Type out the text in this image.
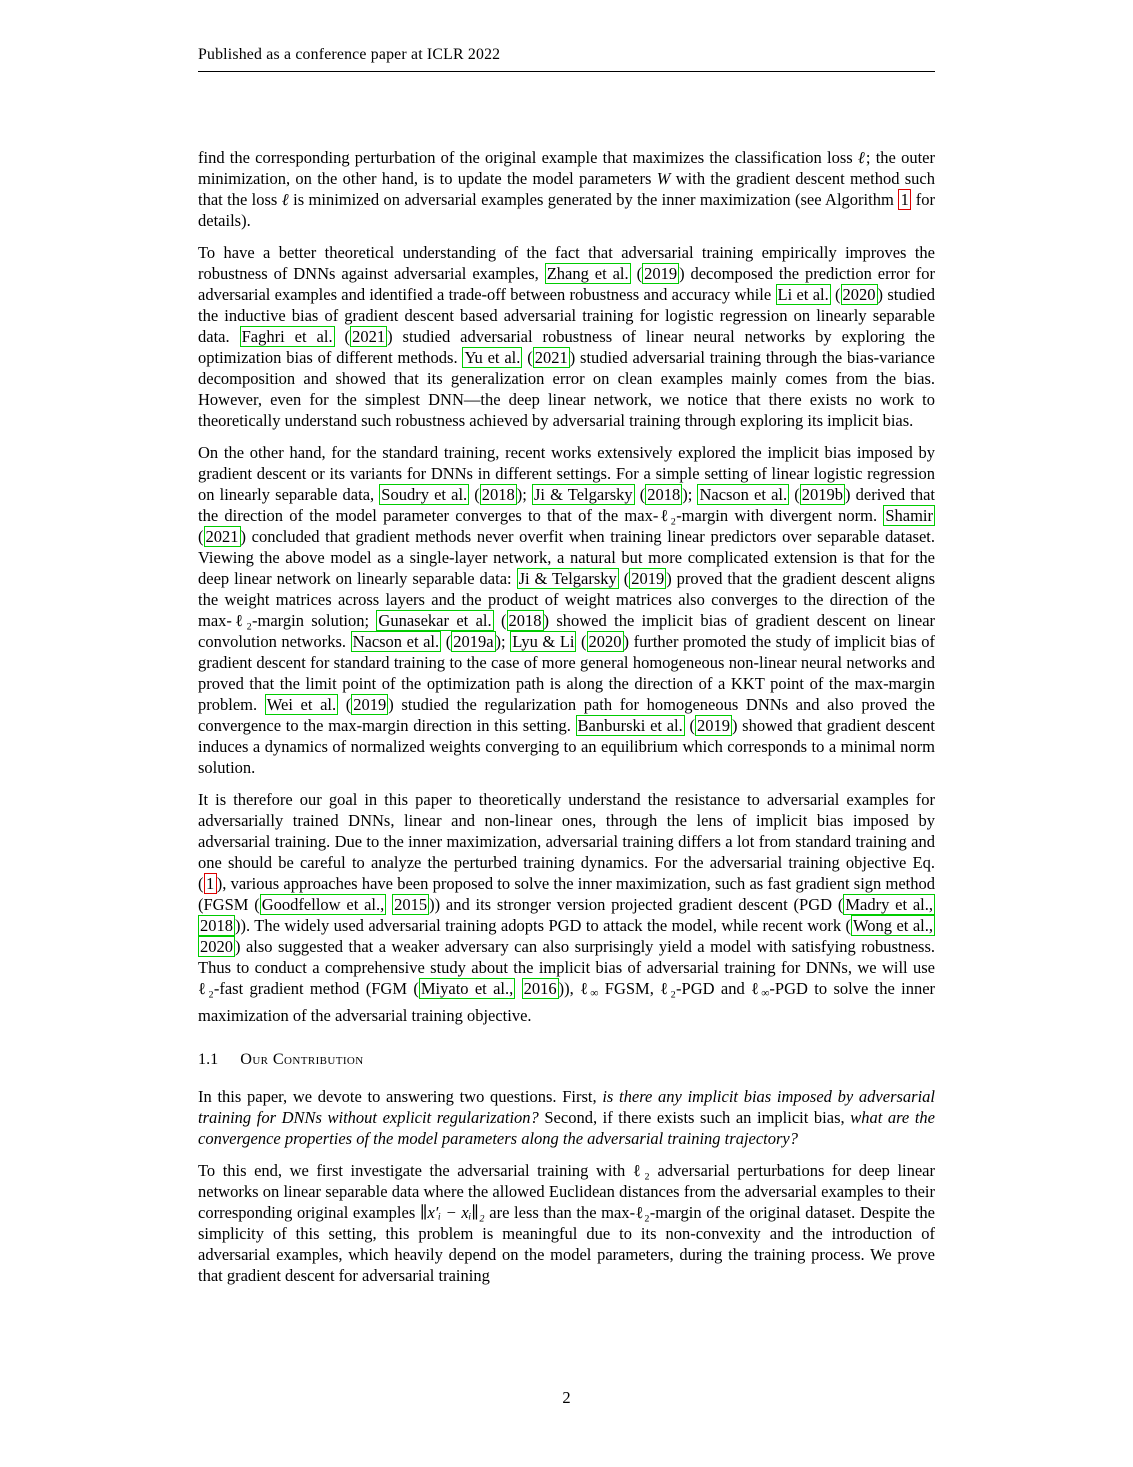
Published as a conference paper at ICLR 2022

find the corresponding perturbation of the original example that maximizes the classification loss ℓ; the outer minimization, on the other hand, is to update the model parameters W with the gradient descent method such that the loss ℓ is minimized on adversarial examples generated by the inner maximization (see Algorithm 1 for details).

To have a better theoretical understanding of the fact that adversarial training empirically improves the robustness of DNNs against adversarial examples, Zhang et al. ( 2019 ) decomposed the prediction error for adversarial examples and identified a trade-off between robustness and accuracy while Li et al. ( 2020 ) studied the inductive bias of gradient descent based adversarial training for logistic regression on linearly separable data. Faghri et al. ( 2021 ) studied adversarial robustness of linear neural networks by exploring the optimization bias of different methods. Yu et al. ( 2021 ) studied adversarial training through the bias-variance decomposition and showed that its generalization error on clean examples mainly comes from the bias. However, even for the simplest DNN—the deep linear network, we notice that there exists no work to theoretically understand such robustness achieved by adversarial training through exploring its implicit bias.

On the other hand, for the standard training, recent works extensively explored the implicit bias imposed by gradient descent or its variants for DNNs in different settings. For a simple setting of linear logistic regression on linearly separable data, Soudry et al. ( 2018 ); Ji & Telgarsky ( 2018 ); Nacson et al. ( 2019b ) derived that the direction of the model parameter converges to that of the max-ℓ₂-margin with divergent norm. Shamir ( 2021 ) concluded that gradient methods never overfit when training linear predictors over separable dataset. Viewing the above model as a single-layer network, a natural but more complicated extension is that for the deep linear network on linearly separable data: Ji & Telgarsky ( 2019 ) proved that the gradient descent aligns the weight matrices across layers and the product of weight matrices also converges to the direction of the max-ℓ₂-margin solution; Gunasekar et al. ( 2018 ) showed the implicit bias of gradient descent on linear convolution networks. Nacson et al. ( 2019a ); Lyu & Li ( 2020 ) further promoted the study of implicit bias of gradient descent for standard training to the case of more general homogeneous non-linear neural networks and proved that the limit point of the optimization path is along the direction of a KKT point of the max-margin problem. Wei et al. ( 2019 ) studied the regularization path for homogeneous DNNs and also proved the convergence to the max-margin direction in this setting. Banburski et al. ( 2019 ) showed that gradient descent induces a dynamics of normalized weights converging to an equilibrium which corresponds to a minimal norm solution.

It is therefore our goal in this paper to theoretically understand the resistance to adversarial examples for adversarially trained DNNs, linear and non-linear ones, through the lens of implicit bias imposed by adversarial training. Due to the inner maximization, adversarial training differs a lot from standard training and one should be careful to analyze the perturbed training dynamics. For the adversarial training objective Eq. ( 1 ), various approaches have been proposed to solve the inner maximization, such as fast gradient sign method (FGSM ( Goodfellow et al., 2015 )) and its stronger version projected gradient descent (PGD ( Madry et al., 2018 )). The widely used adversarial training adopts PGD to attack the model, while recent work ( Wong et al., 2020 ) also suggested that a weaker adversary can also surprisingly yield a model with satisfying robustness. Thus to conduct a comprehensive study about the implicit bias of adversarial training for DNNs, we will use ℓ₂-fast gradient method (FGM ( Miyato et al., 2016 )), ℓ∞ FGSM, ℓ₂-PGD and ℓ∞-PGD to solve the inner maximization of the adversarial training objective.

1.1 Our Contribution

In this paper, we devote to answering two questions. First, is there any implicit bias imposed by adversarial training for DNNs without explicit regularization? Second, if there exists such an implicit bias, what are the convergence properties of the model parameters along the adversarial training trajectory?

To this end, we first investigate the adversarial training with ℓ₂ adversarial perturbations for deep linear networks on linear separable data where the allowed Euclidean distances from the adversarial examples to their corresponding original examples ∥x′ᵢ − xᵢ∥₂ are less than the max-ℓ₂-margin of the original dataset. Despite the simplicity of this setting, this problem is meaningful due to its non-convexity and the introduction of adversarial examples, which heavily depend on the model parameters, during the training process. We prove that gradient descent for adversarial training

2
